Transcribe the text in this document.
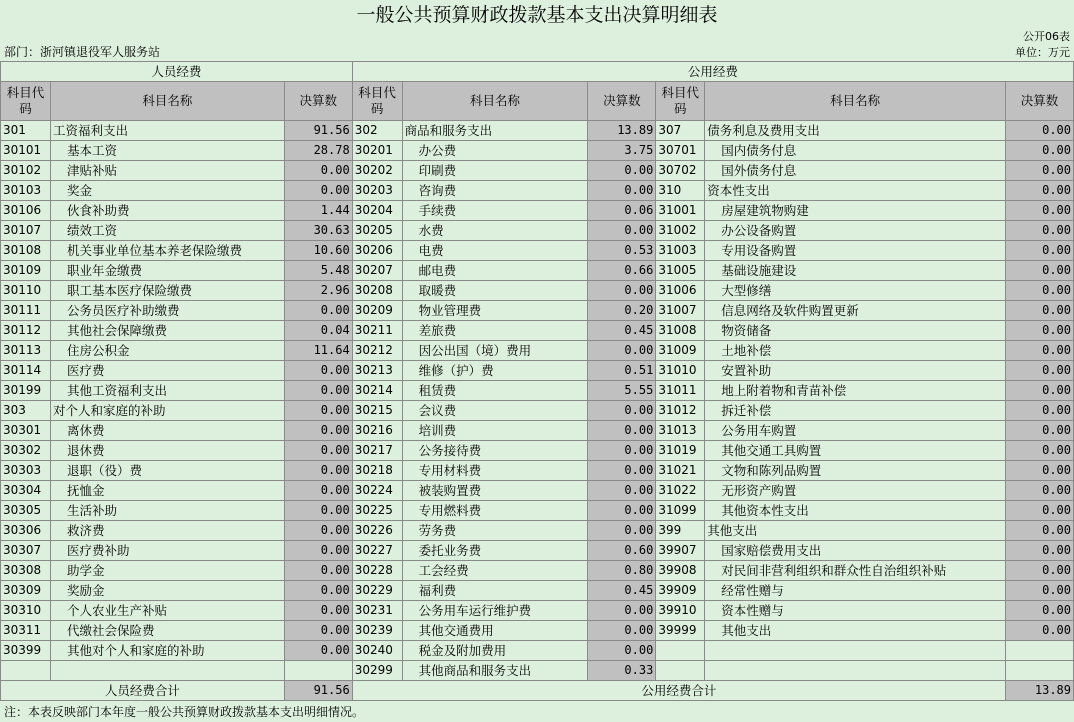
一般公共预算财政拨款基本支出决算明细表
公开06表
部门：浙河镇退役军人服务站	单位：万元
人员经费			公用经费					
科目代码	科目名称	决算数	科目代码	科目名称	决算数	科目代码	科目名称	决算数
301	工资福利支出	91.56	302	商品和服务支出	13.89	307	债务利息及费用支出	0.00
30101	基本工资	28.78	30201	办公费	3.75	30701	国内债务付息	0.00
30102	津贴补贴	0.00	30202	印刷费	0.00	30702	国外债务付息	0.00
30103	奖金	0.00	30203	咨询费	0.00	310	资本性支出	0.00
30106	伙食补助费	1.44	30204	手续费	0.06	31001	房屋建筑物购建	0.00
30107	绩效工资	30.63	30205	水费	0.00	31002	办公设备购置	0.00
30108	机关事业单位基本养老保险缴费	10.60	30206	电费	0.53	31003	专用设备购置	0.00
30109	职业年金缴费	5.48	30207	邮电费	0.66	31005	基础设施建设	0.00
30110	职工基本医疗保险缴费	2.96	30208	取暖费	0.00	31006	大型修缮	0.00
30111	公务员医疗补助缴费	0.00	30209	物业管理费	0.20	31007	信息网络及软件购置更新	0.00
30112	其他社会保障缴费	0.04	30211	差旅费	0.45	31008	物资储备	0.00
30113	住房公积金	11.64	30212	因公出国（境）费用	0.00	31009	土地补偿	0.00
30114	医疗费	0.00	30213	维修（护）费	0.51	31010	安置补助	0.00
30199	其他工资福利支出	0.00	30214	租赁费	5.55	31011	地上附着物和青苗补偿	0.00
303	对个人和家庭的补助	0.00	30215	会议费	0.00	31012	拆迁补偿	0.00
30301	离休费	0.00	30216	培训费	0.00	31013	公务用车购置	0.00
30302	退休费	0.00	30217	公务接待费	0.00	31019	其他交通工具购置	0.00
30303	退职（役）费	0.00	30218	专用材料费	0.00	31021	文物和陈列品购置	0.00
30304	抚恤金	0.00	30224	被装购置费	0.00	31022	无形资产购置	0.00
30305	生活补助	0.00	30225	专用燃料费	0.00	31099	其他资本性支出	0.00
30306	救济费	0.00	30226	劳务费	0.00	399	其他支出	0.00
30307	医疗费补助	0.00	30227	委托业务费	0.60	39907	国家赔偿费用支出	0.00
30308	助学金	0.00	30228	工会经费	0.80	39908	对民间非营利组织和群众性自治组织补贴	0.00
30309	奖励金	0.00	30229	福利费	0.45	39909	经常性赠与	0.00
30310	个人农业生产补贴	0.00	30231	公务用车运行维护费	0.00	39910	资本性赠与	0.00
30311	代缴社会保险费	0.00	30239	其他交通费用	0.00	39999	其他支出	0.00
30399	其他对个人和家庭的补助	0.00	30240	税金及附加费用	0.00			
			30299	其他商品和服务支出	0.33			
人员经费合计		91.56	公用经费合计					13.89
注：本表反映部门本年度一般公共预算财政拨款基本支出明细情况。
